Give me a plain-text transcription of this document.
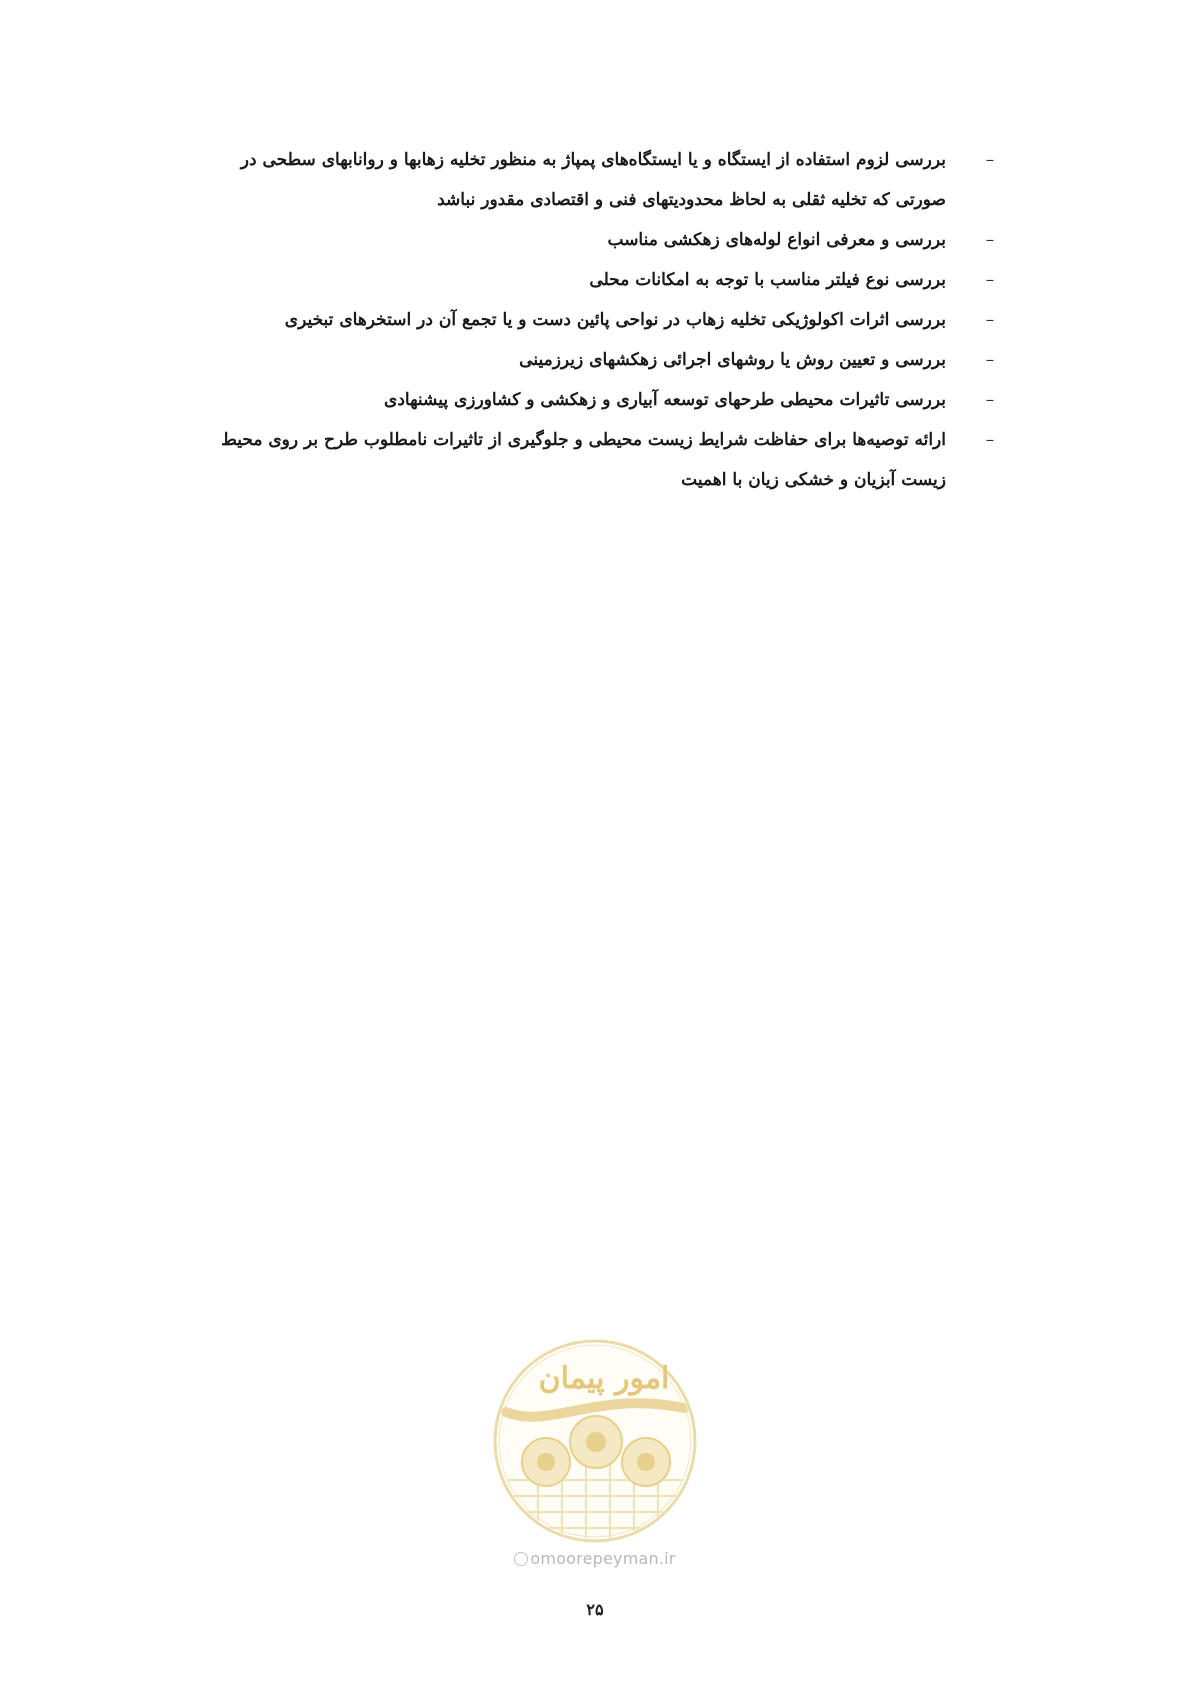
–
بررسی لزوم استفاده از ایستگاه و یا ایستگاه‌های پمپاژ به منظور تخلیه زهابها و روانابهای سطحی در صورتی که تخلیه ثقلی به لحاظ محدودیتهای فنی و اقتصادی مقدور نباشد
–
بررسی و معرفی انواع لوله‌های زهکشی مناسب
–
بررسی نوع فیلتر مناسب با توجه به امکانات محلی
–
بررسی اثرات اکولوژیکی تخلیه زهاب در نواحی پائین دست و یا تجمع آن در استخرهای تبخیری
–
بررسی و تعیین روش یا روشهای اجرائی زهکشهای زیرزمینی
–
بررسی تاثیرات محیطی طرحهای توسعه آبیاری و زهکشی و کشاورزی پیشنهادی
–
ارائه توصیه‌ها برای حفاظت شرایط زیست محیطی و جلوگیری از تاثیرات نامطلوب طرح بر روی محیط زیست آبزیان و خشکی زیان با اهمیت
امور پیمان
omoorepeyman.ir
۲۵
